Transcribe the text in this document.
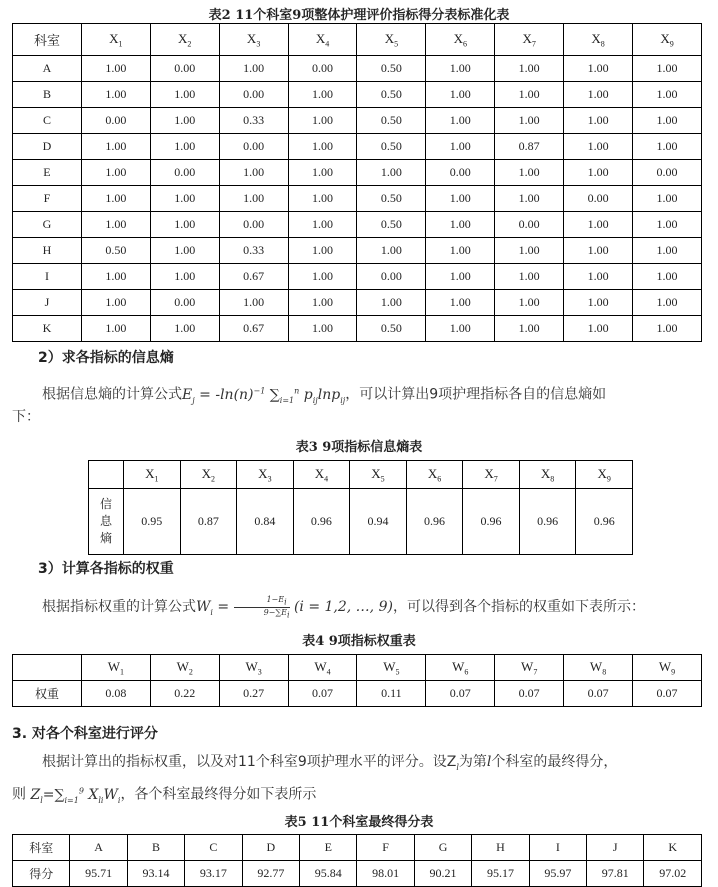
表2 11个科室9项整体护理评价指标得分表标准化表
科室	$X_1$	$X_2$	$X_3$	$X_4$	$X_5$	$X_6$	$X_7$	$X_8$	$X_9$
A	1.00	0.00	1.00	0.00	0.50	1.00	1.00	1.00	1.00
B	1.00	1.00	0.00	1.00	0.50	1.00	1.00	1.00	1.00
C	0.00	1.00	0.33	1.00	0.50	1.00	1.00	1.00	1.00
D	1.00	1.00	0.00	1.00	0.50	1.00	0.87	1.00	1.00
E	1.00	0.00	1.00	1.00	1.00	0.00	1.00	1.00	0.00
F	1.00	1.00	1.00	1.00	0.50	1.00	1.00	0.00	1.00
G	1.00	1.00	0.00	1.00	0.50	1.00	0.00	1.00	1.00
H	0.50	1.00	0.33	1.00	1.00	1.00	1.00	1.00	1.00
I	1.00	1.00	0.67	1.00	0.00	1.00	1.00	1.00	1.00
J	1.00	0.00	1.00	1.00	1.00	1.00	1.00	1.00	1.00
K	1.00	1.00	0.67	1.00	0.50	1.00	1.00	1.00	1.00
2）求各指标的信息熵
根据信息熵的计算公式$E_j = -\ln(n)^{-1}$ $\sum_{i=1}^n$ $p_{ij}\ln p_{ij}$，可以计算出9项护理指标各自的信息熵如
下：
表3 9项指标信息熵表
	$X_1$	$X_2$	$X_3$	$X_4$	$X_5$	$X_6$	$X_7$	$X_8$	$X_9$

信息熵	0.95	0.87	0.84	0.96	0.94	0.96	0.96	0.96	0.96
3）计算各指标的权重
根据指标权重的计算公式$W_i = \frac{1-E_i}{9-\sum E_i} (i = 1,2$, …, 9)，可以得到各个指标的权重如下表所示：
表4 9项指标权重表
	$W_1$	$W_2$	$W_3$	$W_4$	$W_5$	$W_6$	$W_7$	$W_8$	$W_9$
权重	0.08	0.22	0.27	0.07	0.11	0.07	0.07	0.07	0.07
3. 对各个科室进行评分
根据计算出的指标权重，以及对11个科室9项护理水平的评分。设$Z_l$为第l个科室的最终得分，
则 $Z_l=\sum_{i=1}^9$ $X_{li}W_i$，各个科室最终得分如下表所示
表5 11个科室最终得分表
科室	A	B	C	D	E	F	G	H	I	J	K
得分	95.71	93.14	93.17	92.77	95.84	98.01	90.21	95.17	95.97	97.81	97.02
